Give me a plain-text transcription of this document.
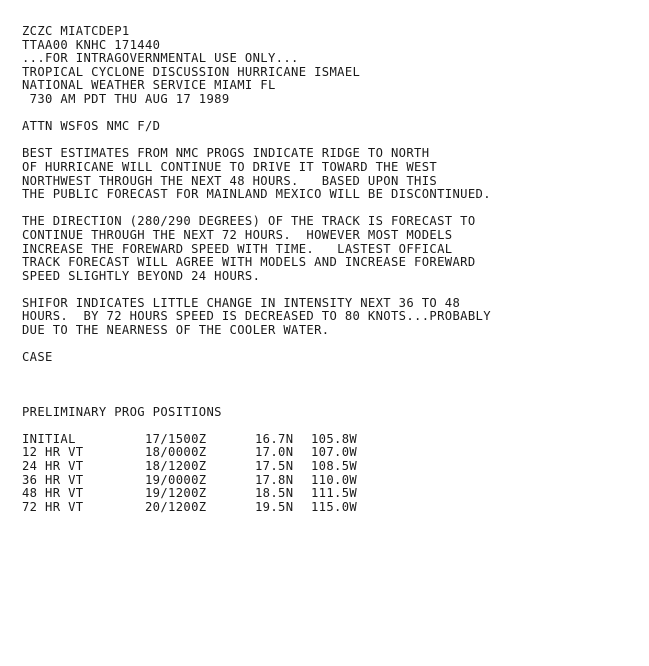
ZCZC MIATCDEP1
TTAA00 KNHC 171440
...FOR INTRAGOVERNMENTAL USE ONLY...
TROPICAL CYCLONE DISCUSSION HURRICANE ISMAEL
NATIONAL WEATHER SERVICE MIAMI FL
730 AM PDT THU AUG 17 1989
ATTN WSFOS NMC F/D
BEST ESTIMATES FROM NMC PROGS INDICATE RIDGE TO NORTH
OF HURRICANE WILL CONTINUE TO DRIVE IT TOWARD THE WEST
NORTHWEST THROUGH THE NEXT 48 HOURS.   BASED UPON THIS
THE PUBLIC FORECAST FOR MAINLAND MEXICO WILL BE DISCONTINUED.
THE DIRECTION (280/290 DEGREES) OF THE TRACK IS FORECAST TO
CONTINUE THROUGH THE NEXT 72 HOURS.  HOWEVER MOST MODELS
INCREASE THE FOREWARD SPEED WITH TIME.   LASTEST OFFICAL
TRACK FORECAST WILL AGREE WITH MODELS AND INCREASE FOREWARD
SPEED SLIGHTLY BEYOND 24 HOURS.
SHIFOR INDICATES LITTLE CHANGE IN INTENSITY NEXT 36 TO 48
HOURS.  BY 72 HOURS SPEED IS DECREASED TO 80 KNOTS...PROBABLY
DUE TO THE NEARNESS OF THE COOLER WATER.
CASE
PRELIMINARY PROG POSITIONS
INITIAL	17/1500Z	16.7N	105.8W
12 HR VT	18/0000Z	17.0N	107.0W
24 HR VT	18/1200Z	17.5N	108.5W
36 HR VT	19/0000Z	17.8N	110.0W
48 HR VT	19/1200Z	18.5N	111.5W
72 HR VT	20/1200Z	19.5N	115.0W
